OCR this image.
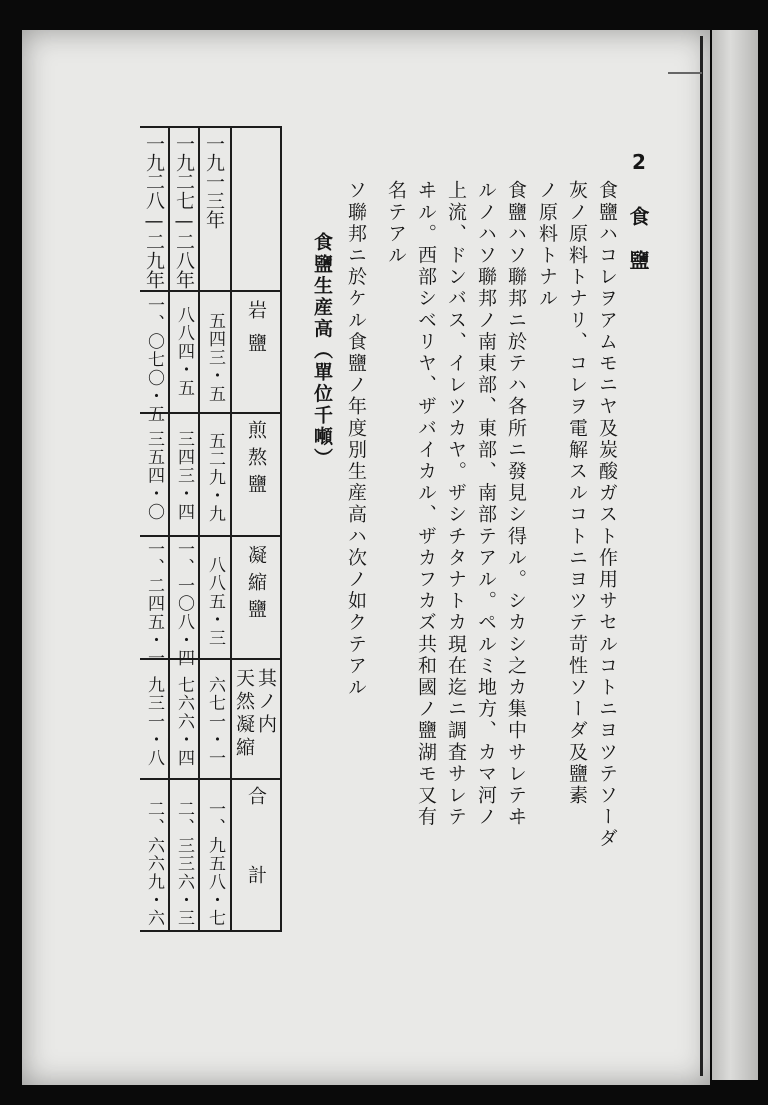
2
食鹽
食鹽ハコレヲアムモニヤ及炭酸ガスト作用サセルコトニヨツテソーダ
灰ノ原料トナリ、コレヲ電解スルコトニヨツテ苛性ソーダ及鹽素
ノ原料トナル
食鹽ハソ聯邦ニ於テハ各所ニ發見シ得ル。シカシ之カ集中サレテヰ
ルノハソ聯邦ノ南東部、東部、南部テアル。ペルミ地方、カマ河ノ
上流、ドンバス、イレツカヤ。ザシチタナトカ現在迄ニ調査サレテ
ヰル。西部シベリヤ、ザバイカル、ザカフカズ共和國ノ鹽湖モ又有
名テアル
ソ聯邦ニ於ケル食鹽ノ年度別生産高ハ次ノ如クテアル
食鹽生産高（單位千噸）
岩鹽
煎熬鹽
凝縮鹽
其ノ内
天然凝縮
合計
一九一三年
五四三・五
五二九・九
八八五・三
六七一・一
一、九五八・七
一九二七—二八年
八八四・五
三四三・四
一、一〇八・四
七六六・四
二、三三六・三
一九二八—二九年
一、〇七〇・五
三五四・〇
一、二四五・一
九三一・八
二、六六九・六
